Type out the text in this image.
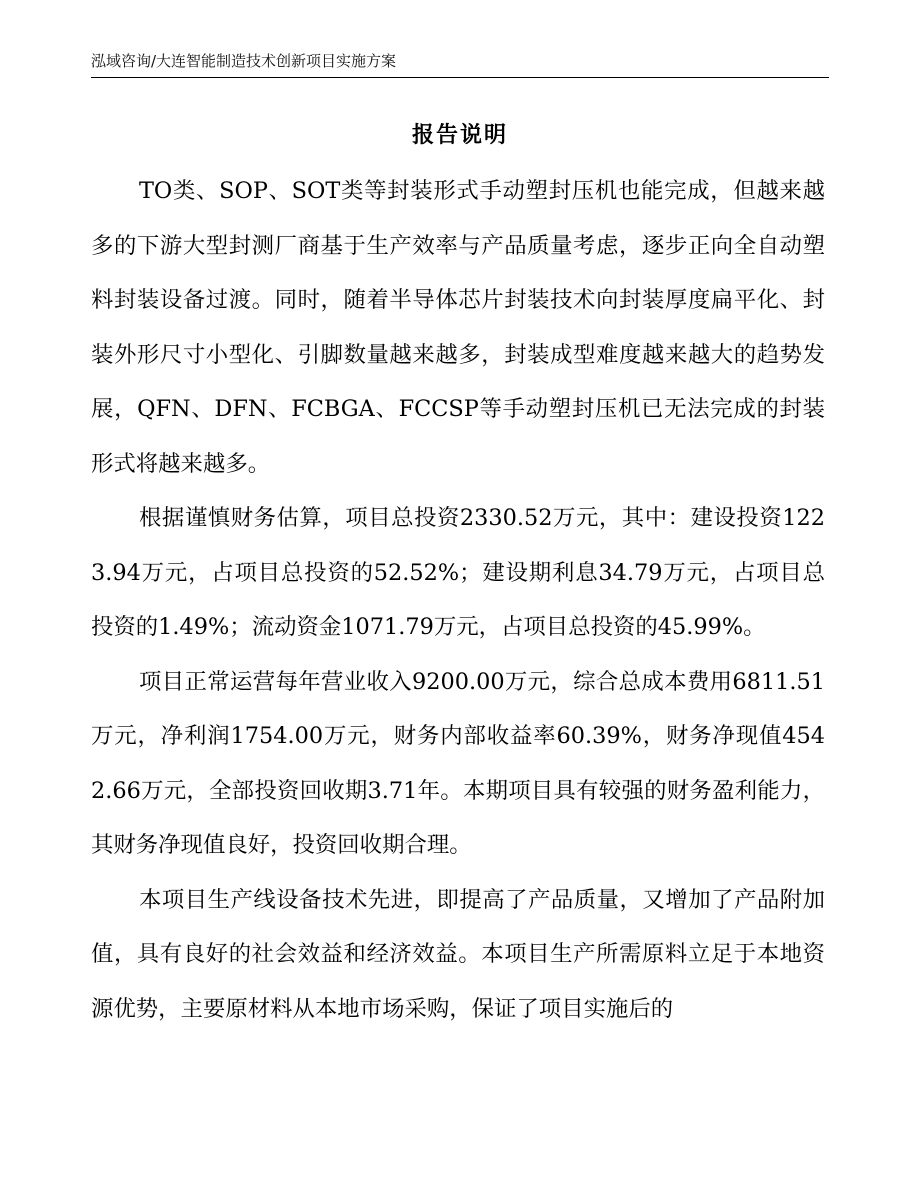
泓域咨询/大连智能制造技术创新项目实施方案
报告说明

TO类、SOP、SOT类等封装形式手动塑封压机也能完成，但越来越多的下游大型封测厂商基于生产效率与产品质量考虑，逐步正向全自动塑料封装设备过渡。同时，随着半导体芯片封装技术向封装厚度扁平化、封装外形尺寸小型化、引脚数量越来越多，封装成型难度越来越大的趋势发展，QFN、DFN、FCBGA、FCCSP等手动塑封压机已无法完成的封装形式将越来越多。

根据谨慎财务估算，项目总投资2330.52万元，其中：建设投资1223.94万元，占项目总投资的52.52%；建设期利息34.79万元，占项目总投资的1.49%；流动资金1071.79万元，占项目总投资的45.99%。

项目正常运营每年营业收入9200.00万元，综合总成本费用6811.51万元，净利润1754.00万元，财务内部收益率60.39%，财务净现值4542.66万元，全部投资回收期3.71年。本期项目具有较强的财务盈利能力，其财务净现值良好，投资回收期合理。

本项目生产线设备技术先进，即提高了产品质量，又增加了产品附加值，具有良好的社会效益和经济效益。本项目生产所需原料立足于本地资源优势，主要原材料从本地市场采购，保证了项目实施后的
